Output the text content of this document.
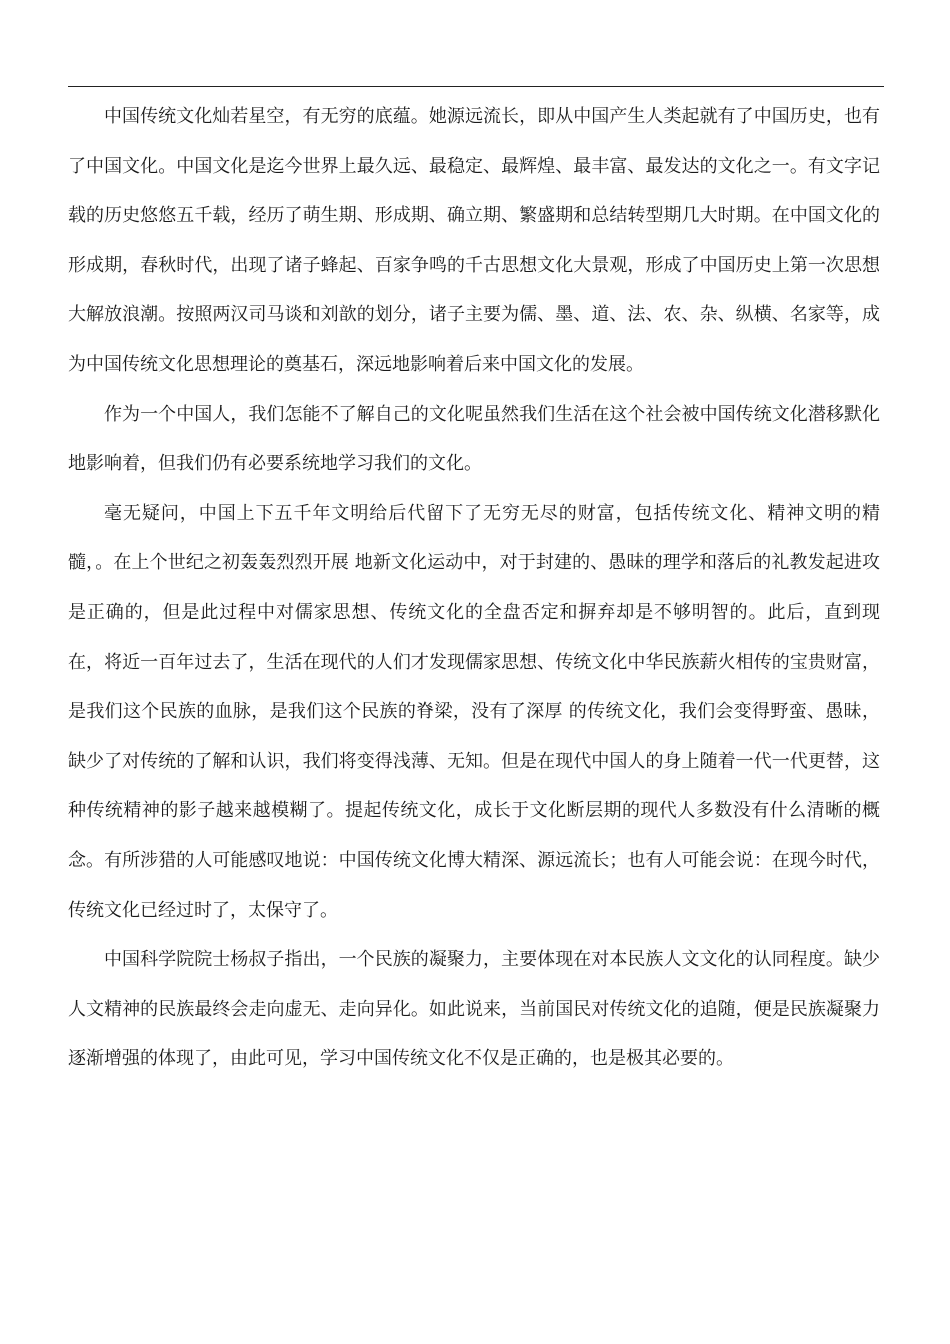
中国传统文化灿若星空，有无穷的底蕴。她源远流长，即从中国产生人类起就有了中国历史，也有了中国文化。中国文化是迄今世界上最久远、最稳定、最辉煌、最丰富、最发达的文化之一。有文字记载的历史悠悠五千载，经历了萌生期、形成期、确立期、繁盛期和总结转型期几大时期。在中国文化的形成期，春秋时代，出现了诸子蜂起、百家争鸣的千古思想文化大景观，形成了中国历史上第一次思想大解放浪潮。按照两汉司马谈和刘歆的划分，诸子主要为儒、墨、道、法、农、杂、纵横、名家等，成为中国传统文化思想理论的奠基石，深远地影响着后来中国文化的发展。

作为一个中国人，我们怎能不了解自己的文化呢虽然我们生活在这个社会被中国传统文化潜移默化地影响着，但我们仍有必要系统地学习我们的文化。

毫无疑问，中国上下五千年文明给后代留下了无穷无尽的财富，包括传统文化、精神文明的精髓，。在上个世纪之初轰轰烈烈开展 地新文化运动中，对于封建的、愚昧的理学和落后的礼教发起进攻是正确的，但是此过程中对儒家思想、传统文化的全盘否定和摒弃却是不够明智的。此后，直到现 在，将近一百年过去了，生活在现代的人们才发现儒家思想、传统文化中华民族薪火相传的宝贵财富，是我们这个民族的血脉，是我们这个民族的脊梁，没有了深厚 的传统文化，我们会变得野蛮、愚昧，缺少了对传统的了解和认识，我们将变得浅薄、无知。但是在现代中国人的身上随着一代一代更替，这种传统精神的影子越来越模糊了。提起传统文化，成长于文化断层期的现代人多数没有什么清晰的概念。有所涉猎的人可能感叹地说：中国传统文化博大精深、源远流长；也有人可能会说：在现今时代，传统文化已经过时了，太保守了。

中国科学院院士杨叔子指出，一个民族的凝聚力，主要体现在对本民族人文文化的认同程度。缺少人文精神的民族最终会走向虚无、走向异化。如此说来，当前国民对传统文化的追随，便是民族凝聚力逐渐增强的体现了，由此可见，学习中国传统文化不仅是正确的，也是极其必要的。
